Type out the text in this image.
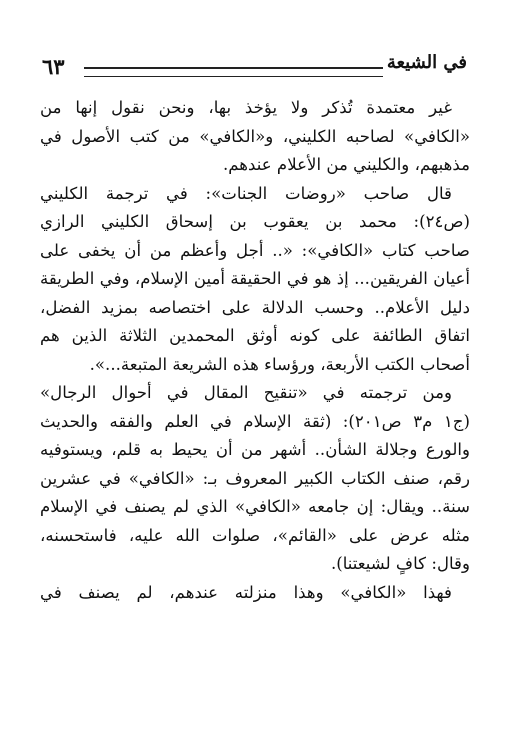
٦٣	في الشيعة
غير معتمدة تُذكر ولا يؤخذ بها، ونحن نقول إنها من
«الكافي» لصاحبه الكليني، و«الكافي» من كتب الأصول في
مذهبهم، والكليني من الأعلام عندهم.
قال صاحب «روضات الجنات»: في ترجمة الكليني
(ص٢٤): محمد بن يعقوب بن إسحاق الكليني الرازي
صاحب كتاب «الكافي»: «.. أجل وأعظم من أن يخفى على
أعيان الفريقين... إذ هو في الحقيقة أمين الإسلام، وفي الطريقة
دليل الأعلام.. وحسب الدلالة على اختصاصه بمزيد الفضل،
اتفاق الطائفة على كونه أوثق المحمدين الثلاثة الذين هم
أصحاب الكتب الأربعة، ورؤساء هذه الشريعة المتبعة...».
ومن ترجمته في «تنقيح المقال في أحوال الرجال»
(ج١ م٣ ص٢٠١): (ثقة الإسلام في العلم والفقه والحديث
والورع وجلالة الشأن.. أشهر من أن يحيط به قلم، ويستوفيه
رقم، صنف الكتاب الكبير المعروف بـ: «الكافي» في عشرين
سنة.. ويقال: إن جامعه «الكافي» الذي لم يصنف في الإسلام
مثله عرض على «القائم»، صلوات الله عليه، فاستحسنه،
وقال: كافٍ لشيعتنا).
فهذا «الكافي» وهذا منزلته عندهم، لم يصنف في
